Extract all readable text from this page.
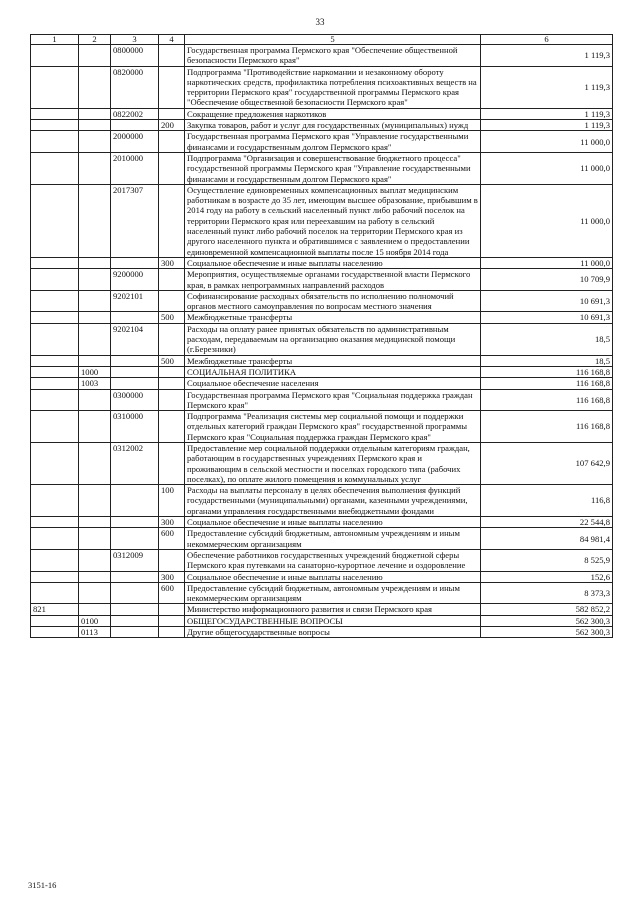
33
1	2	3	4	5	6
		0800000		Государственная программа Пермского края "Обеспечение общественной безопасности Пермского края"	1 119,3
		0820000		Подпрограмма "Противодействие наркомании и незаконному обороту наркотических средств, профилактика потребления психоактивных веществ на территории Пермского края" государственной программы Пермского края "Обеспечение общественной безопасности Пермского края"	1 119,3
		0822002		Сокращение предложения наркотиков	1 119,3
			200	Закупка товаров, работ и услуг для государственных (муниципальных) нужд	1 119,3
		2000000		Государственная программа Пермского края "Управление государственными финансами и государственным долгом Пермского края"	11 000,0
		2010000		Подпрограмма "Организация и совершенствование бюджетного процесса" государственной программы Пермского края "Управление государственными финансами и государственным долгом Пермского края"	11 000,0
		2017307		Осуществление единовременных компенсационных выплат медицинским работникам в возрасте до 35 лет, имеющим высшее образование, прибывшим в 2014 году на работу в сельский населенный пункт либо рабочий поселок на территории Пермского края или переехавшим на работу в сельский населенный пункт либо рабочий поселок на территории Пермского края из другого населенного пункта и обратившимся с заявлением о предоставлении единовременной компенсационной выплаты после 15 ноября 2014 года	11 000,0
			300	Социальное обеспечение и иные выплаты населению	11 000,0
		9200000		Мероприятия, осуществляемые органами государственной власти Пермского края, в рамках непрограммных направлений расходов	10 709,9
		9202101		Софинансирование расходных обязательств по исполнению полномочий органов местного самоуправления по вопросам местного значения	10 691,3
			500	Межбюджетные трансферты	10 691,3
		9202104		Расходы на оплату ранее принятых обязательств по административным расходам, передаваемым на организацию оказания медицинской помощи (г.Березники)	18,5
			500	Межбюджетные трансферты	18,5
	1000			СОЦИАЛЬНАЯ ПОЛИТИКА	116 168,8
	1003			Социальное обеспечение населения	116 168,8
		0300000		Государственная программа Пермского края "Социальная поддержка граждан Пермского края"	116 168,8
		0310000		Подпрограмма "Реализация системы мер социальной помощи и поддержки отдельных категорий граждан Пермского края" государственной программы Пермского края "Социальная поддержка граждан Пермского края"	116 168,8
		0312002		Предоставление мер социальной поддержки отдельным категориям граждан, работающим в государственных учреждениях Пермского края и проживающим в сельской местности и поселках городского типа (рабочих поселках), по оплате жилого помещения и коммунальных услуг	107 642,9
			100	Расходы на выплаты персоналу в целях обеспечения выполнения функций государственными (муниципальными) органами, казенными учреждениями, органами управления государственными внебюджетными фондами	116,8
			300	Социальное обеспечение и иные выплаты населению	22 544,8
			600	Предоставление субсидий бюджетным, автономным учреждениям и иным некоммерческим организациям	84 981,4
		0312009		Обеспечение работников государственных учреждений бюджетной сферы Пермского края путевками на санаторно-курортное лечение и оздоровление	8 525,9
			300	Социальное обеспечение и иные выплаты населению	152,6
			600	Предоставление субсидий бюджетным, автономным учреждениям и иным некоммерческим организациям	8 373,3
821				Министерство информационного развития и связи Пермского края	582 852,2
	0100			ОБЩЕГОСУДАРСТВЕННЫЕ ВОПРОСЫ	562 300,3
	0113			Другие общегосударственные вопросы	562 300,3
3151-16
